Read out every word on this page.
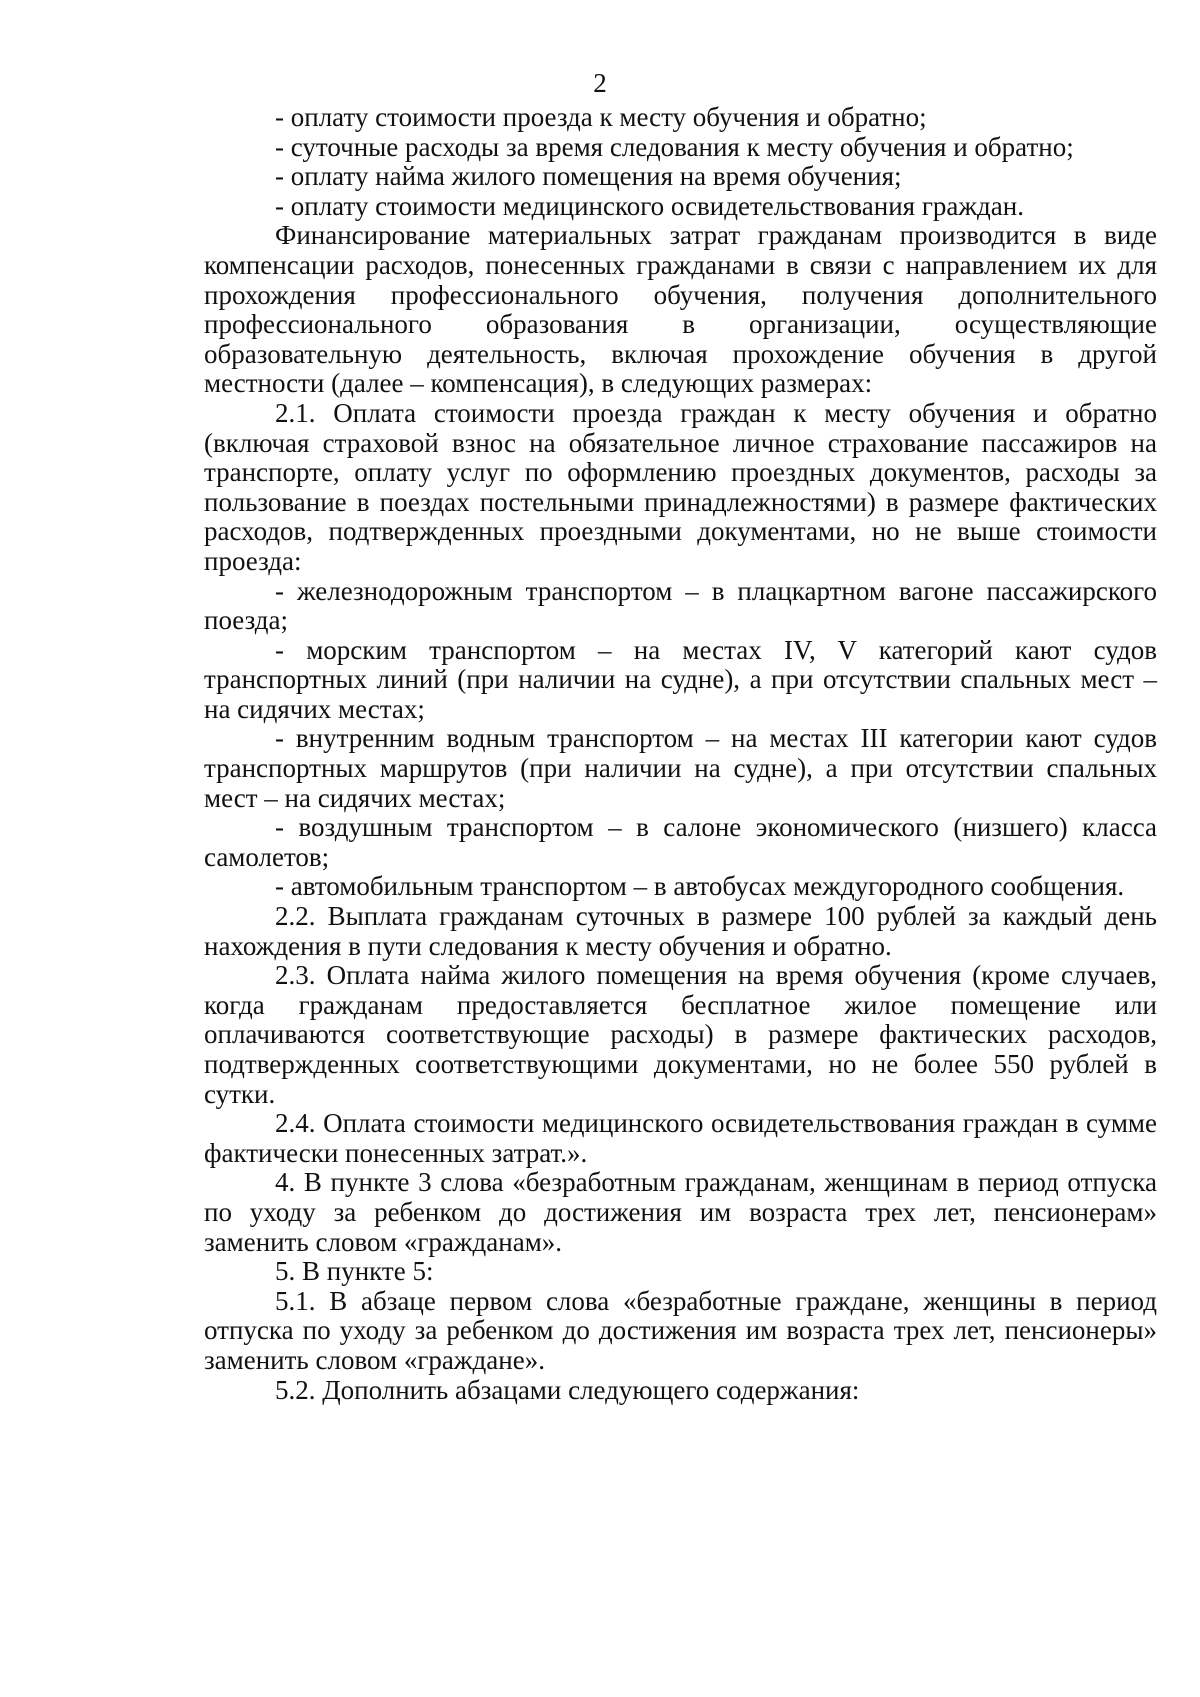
2

- оплату стоимости проезда к месту обучения и обратно;

- суточные расходы за время следования к месту обучения и обратно;

- оплату найма жилого помещения на время обучения;

- оплату стоимости медицинского освидетельствования граждан.

Финансирование материальных затрат гражданам производится в виде компенсации расходов, понесенных гражданами в связи с направлением их для прохождения профессионального обучения, получения дополнительного профессионального образования в организации, осуществляющие образовательную деятельность, включая прохождение обучения в другой местности (далее – компенсация), в следующих размерах:

2.1. Оплата стоимости проезда граждан к месту обучения и обратно (включая страховой взнос на обязательное личное страхование пассажиров на транспорте, оплату услуг по оформлению проездных документов, расходы за пользование в поездах постельными принадлежностями) в размере фактических расходов, подтвержденных проездными документами, но не выше стоимости проезда:

- железнодорожным транспортом – в плацкартном вагоне пассажирского поезда;

- морским транспортом – на местах IV, V категорий кают судов транспортных линий (при наличии на судне), а при отсутствии спальных мест – на сидячих местах;

- внутренним водным транспортом – на местах III категории кают судов транспортных маршрутов (при наличии на судне), а при отсутствии спальных мест – на сидячих местах;

- воздушным транспортом – в салоне экономического (низшего) класса самолетов;

- автомобильным транспортом – в автобусах междугородного сообщения.

2.2. Выплата гражданам суточных в размере 100 рублей за каждый день нахождения в пути следования к месту обучения и обратно.

2.3. Оплата найма жилого помещения на время обучения (кроме случаев, когда гражданам предоставляется бесплатное жилое помещение или оплачиваются соответствующие расходы) в размере фактических расходов, подтвержденных соответствующими документами, но не более 550 рублей в сутки.

2.4. Оплата стоимости медицинского освидетельствования граждан в сумме фактически понесенных затрат.».

4. В пункте 3 слова «безработным гражданам, женщинам в период отпуска по уходу за ребенком до достижения им возраста трех лет, пенсионерам» заменить словом «гражданам».

5. В пункте 5:

5.1. В абзаце первом слова «безработные граждане, женщины в период отпуска по уходу за ребенком до достижения им возраста трех лет, пенсионеры» заменить словом «граждане».

5.2. Дополнить абзацами следующего содержания:
